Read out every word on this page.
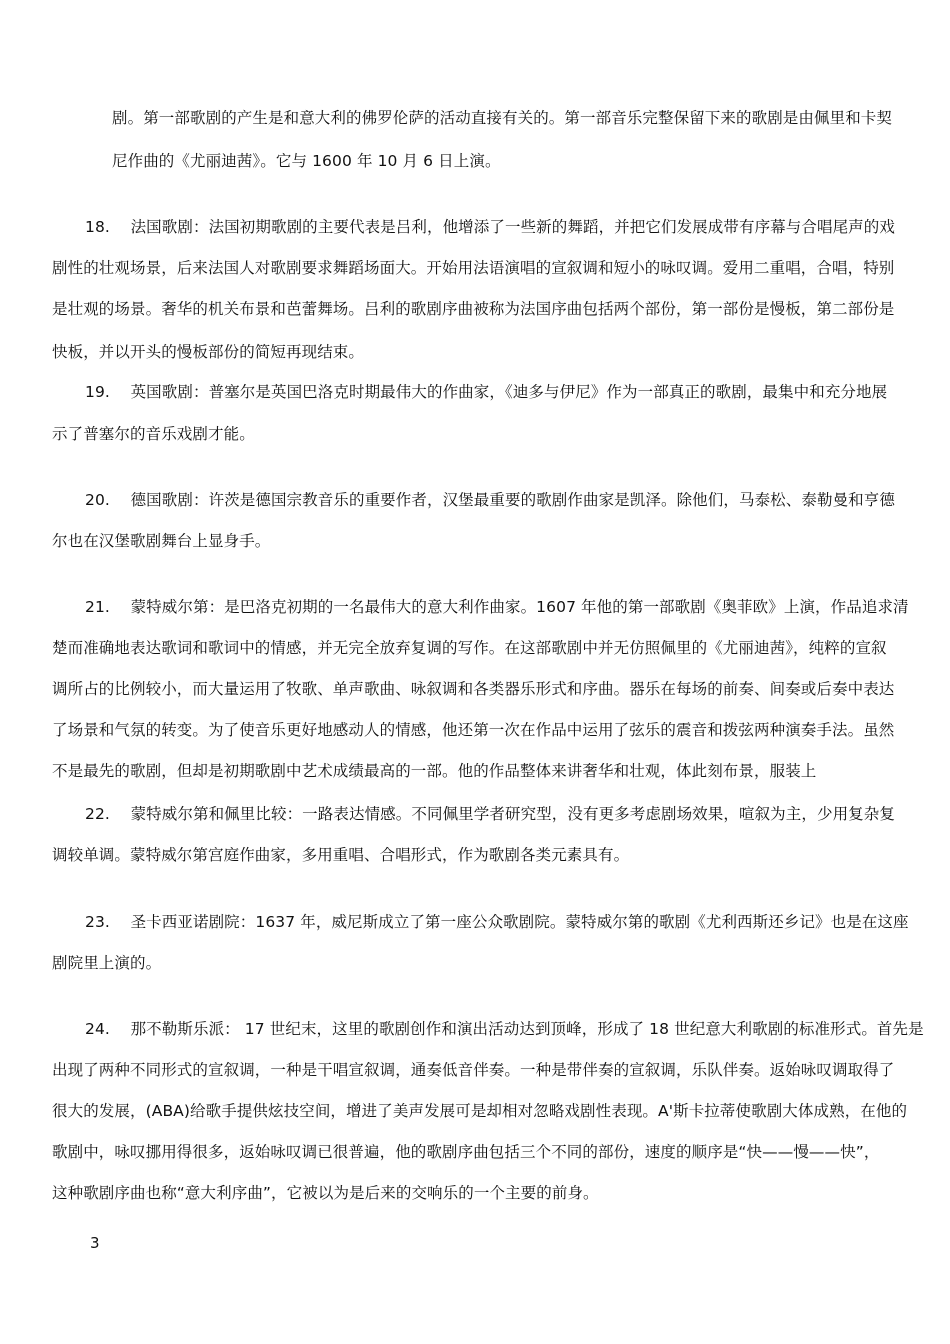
剧。第一部歌剧的产生是和意大利的佛罗伦萨的活动直接有关的。第一部音乐完整保留下来的歌剧是由佩里和卡契
尼作曲的《尤丽迪茜》。它与 1600 年 10 月 6 日上演。
18.　 法国歌剧：法国初期歌剧的主要代表是吕利，他增添了一些新的舞蹈，并把它们发展成带有序幕与合唱尾声的戏
剧性的壮观场景，后来法国人对歌剧要求舞蹈场面大。开始用法语演唱的宣叙调和短小的咏叹调。爱用二重唱，合唱，特别
是壮观的场景。奢华的机关布景和芭蕾舞场。吕利的歌剧序曲被称为法国序曲包括两个部份，第一部份是慢板，第二部份是
快板，并以开头的慢板部份的简短再现结束。
19.　 英国歌剧：普塞尔是英国巴洛克时期最伟大的作曲家，《迪多与伊尼》作为一部真正的歌剧，最集中和充分地展
示了普塞尔的音乐戏剧才能。
20.　 德国歌剧：许茨是德国宗教音乐的重要作者，汉堡最重要的歌剧作曲家是凯泽。除他们，马泰松、泰勒曼和亨德
尔也在汉堡歌剧舞台上显身手。
21.　 蒙特威尔第：是巴洛克初期的一名最伟大的意大利作曲家。1607 年他的第一部歌剧《奥菲欧》上演，作品追求清
楚而准确地表达歌词和歌词中的情感，并无完全放弃复调的写作。在这部歌剧中并无仿照佩里的《尤丽迪茜》，纯粹的宣叙
调所占的比例较小，而大量运用了牧歌、单声歌曲、咏叙调和各类器乐形式和序曲。器乐在每场的前奏、间奏或后奏中表达
了场景和气氛的转变。为了使音乐更好地感动人的情感，他还第一次在作品中运用了弦乐的震音和拨弦两种演奏手法。虽然
不是最先的歌剧，但却是初期歌剧中艺术成绩最高的一部。他的作品整体来讲奢华和壮观，体此刻布景，服装上
22.　 蒙特威尔第和佩里比较：一路表达情感。不同佩里学者研究型，没有更多考虑剧场效果，喧叙为主，少用复杂复
调较单调。蒙特威尔第宫庭作曲家，多用重唱、合唱形式，作为歌剧各类元素具有。
23.　 圣卡西亚诺剧院：1637 年，威尼斯成立了第一座公众歌剧院。蒙特威尔第的歌剧《尤利西斯还乡记》也是在这座
剧院里上演的。
24.　 那不勒斯乐派： 17 世纪末，这里的歌剧创作和演出活动达到顶峰，形成了 18 世纪意大利歌剧的标准形式。首先是
出现了两种不同形式的宣叙调，一种是干唱宣叙调，通奏低音伴奏。一种是带伴奏的宣叙调，乐队伴奏。返始咏叹调取得了
很大的发展，(ABA)给歌手提供炫技空间，增进了美声发展可是却相对忽略戏剧性表现。A'斯卡拉蒂使歌剧大体成熟，在他的
歌剧中，咏叹挪用得很多，返始咏叹调已很普遍，他的歌剧序曲包括三个不同的部份，速度的顺序是“快——慢——快”，
这种歌剧序曲也称“意大利序曲”，它被以为是后来的交响乐的一个主要的前身。
3
